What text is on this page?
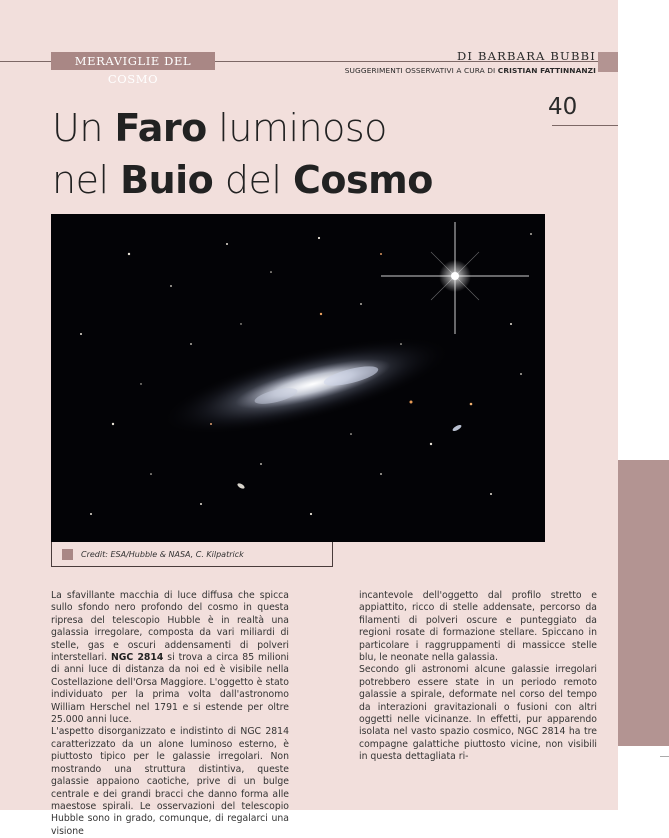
MERAVIGLIE DEL COSMO
DI BARBARA BUBBI
SUGGERIMENTI OSSERVATIVI A CURA DI CRISTIAN FATTINNANZI
40
Un Faro luminoso
nel Buio del Cosmo
Credit: ESA/Hubble & NASA, C. Kilpatrick

La sfavillante macchia di luce diffusa che spicca sullo sfondo nero profondo del cosmo in questa ripresa del telescopio Hubble è in realtà una galassia irregolare, composta da vari miliardi di stelle, gas e oscuri addensamenti di polveri interstellari. NGC 2814 si trova a circa 85 milioni di anni luce di distanza da noi ed è visibile nella Costellazione dell'Orsa Maggiore. L'oggetto è stato individuato per la prima volta dall'astronomo William Herschel nel 1791 e si estende per oltre 25.000 anni luce.

L'aspetto disorganizzato e indistinto di NGC 2814 caratterizzato da un alone luminoso esterno, è piuttosto tipico per le galassie irregolari. Non mostrando una struttura distintiva, queste galassie appaiono caotiche, prive di un bulge centrale e dei grandi bracci che danno forma alle maestose spirali. Le osservazioni del telescopio Hubble sono in grado, comunque, di regalarci una visione

incantevole dell'oggetto dal profilo stretto e appiattito, ricco di stelle addensate, percorso da filamenti di polveri oscure e punteggiato da regioni rosate di formazione stellare. Spiccano in particolare i raggruppamenti di massicce stelle blu, le neonate nella galassia.

Secondo gli astronomi alcune galassie irregolari potrebbero essere state in un periodo remoto galassie a spirale, deformate nel corso del tempo da interazioni gravitazionali o fusioni con altri oggetti nelle vicinanze. In effetti, pur apparendo isolata nel vasto spazio cosmico, NGC 2814 ha tre compagne galattiche piuttosto vicine, non visibili in questa dettagliata ri-
